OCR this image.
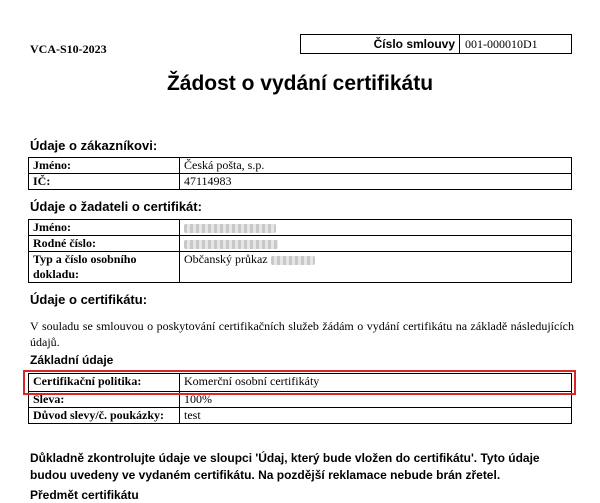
VCA-S10-2023	Číslo smlouvy 001-000010D1
Žádost o vydání certifikátu
Údaje o zákazníkovi:
Jméno:	Česká pošta, s.p.
IČ:	47114983
Údaje o žadateli o certifikát:
Jméno:	
Rodné číslo:	
Typ a číslo osobního dokladu:	Občanský průkaz
Údaje o certifikátu:
V souladu se smlouvou o poskytování certifikačních služeb žádám o vydání certifikátu na základě následujících údajů.
Základní údaje
Certifikační politika:	Komerční osobní certifikáty
Sleva:	100%
Důvod slevy/č. poukázky:	test
Důkladně zkontrolujte údaje ve sloupci 'Údaj, který bude vložen do certifikátu'. Tyto údaje budou uvedeny ve vydaném certifikátu. Na pozdější reklamace nebude brán zřetel.
Předmět certifikátu
